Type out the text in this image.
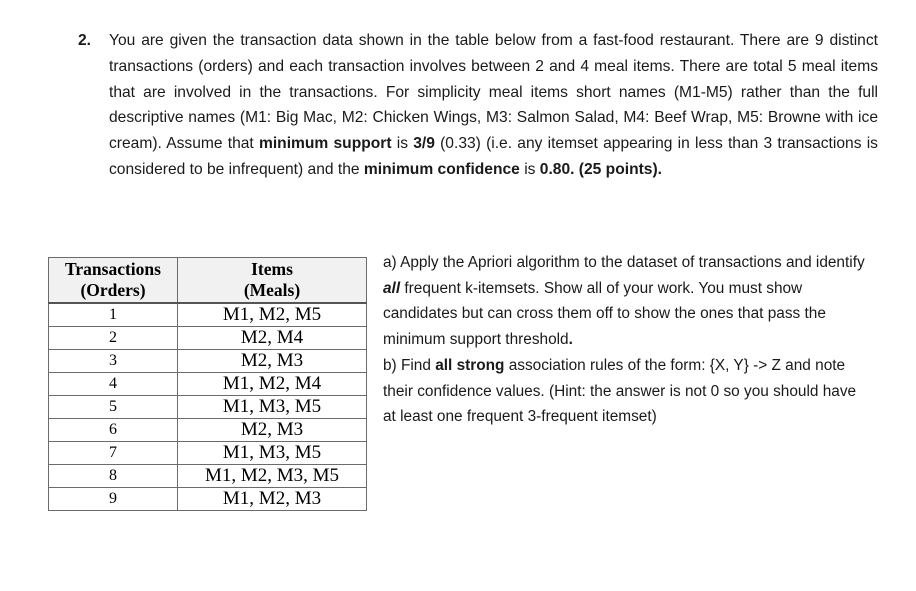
2. You are given the transaction data shown in the table below from a fast-food restaurant. There are 9 distinct transactions (orders) and each transaction involves between 2 and 4 meal items. There are total 5 meal items that are involved in the transactions. For simplicity meal items short names (M1-M5) rather than the full descriptive names (M1: Big Mac, M2: Chicken Wings, M3: Salmon Salad, M4: Beef Wrap, M5: Browne with ice cream). Assume that minimum support is 3/9 (0.33) (i.e. any itemset appearing in less than 3 transactions is considered to be infrequent) and the minimum confidence is 0.80. (25 points).
Transactions
(Orders)	Items
(Meals)
1	M1, M2, M5
2	M2, M4
3	M2, M3
4	M1, M2, M4
5	M1, M3, M5
6	M2, M3
7	M1, M3, M5
8	M1, M2, M3, M5
9	M1, M2, M3

a) Apply the Apriori algorithm to the dataset of transactions and identify all frequent k-itemsets. Show all of your work. You must show candidates but can cross them off to show the ones that pass the minimum support threshold.

b) Find all strong association rules of the form: {X, Y} -> Z and note their confidence values. (Hint: the answer is not 0 so you should have at least one frequent 3-frequent itemset)
